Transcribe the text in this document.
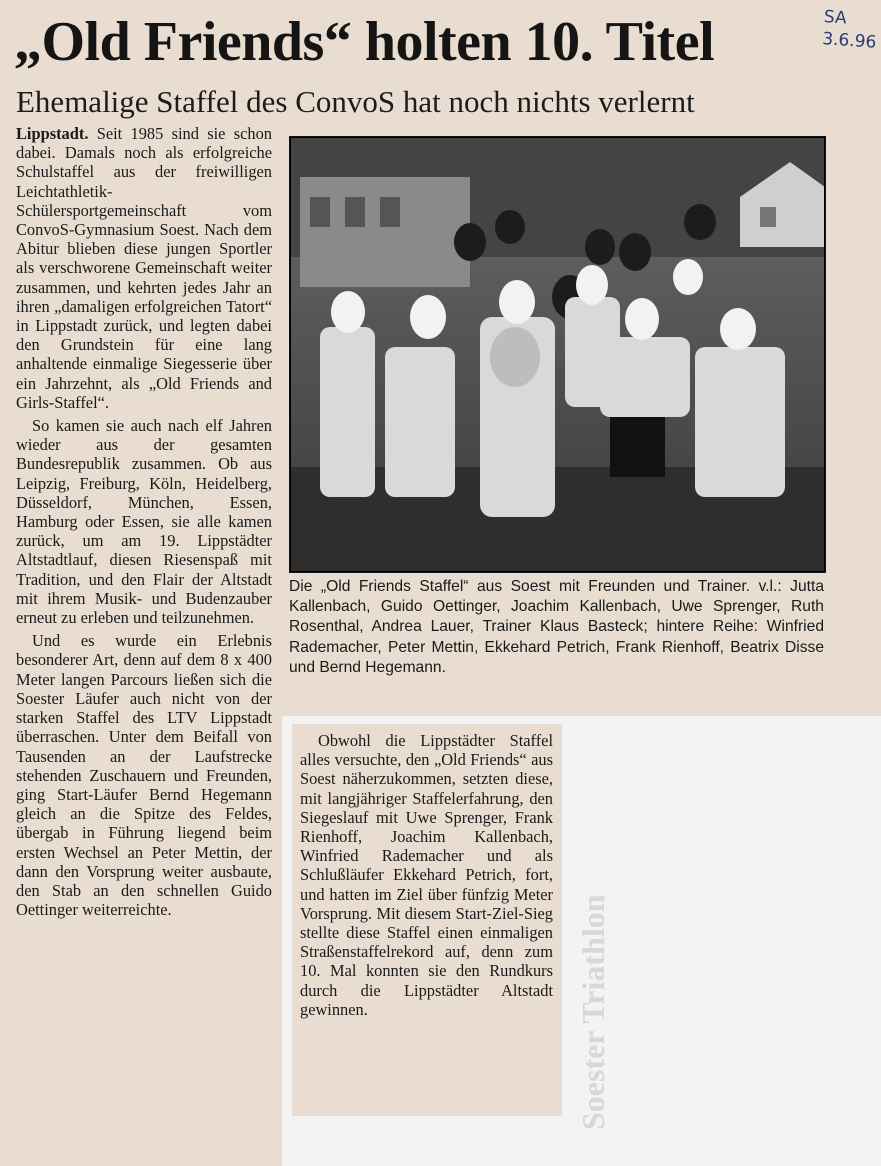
Soester Triathlon
SA
3.6.96
„Old Friends“ holten 10. Titel
Ehemalige Staffel des ConvoS hat noch nichts verlernt

Lippstadt. Seit 1985 sind sie schon dabei. Damals noch als erfolgreiche Schulstaffel aus der freiwilligen Leichtathletik-Schülersportgemeinschaft vom ConvoS-Gymnasium Soest. Nach dem Abitur blieben diese jungen Sportler als verschworene Gemeinschaft weiter zusammen, und kehrten jedes Jahr an ihren „damaligen erfolgreichen Tatort“ in Lippstadt zurück, und legten dabei den Grundstein für eine lang anhaltende einmalige Siegesserie über ein Jahrzehnt, als „Old Friends and Girls-Staffel“.

So kamen sie auch nach elf Jahren wieder aus der gesamten Bundesrepublik zusammen. Ob aus Leipzig, Freiburg, Köln, Heidelberg, Düsseldorf, München, Essen, Hamburg oder Essen, sie alle kamen zurück, um am 19. Lippstädter Altstadtlauf, diesen Riesenspaß mit Tradition, und den Flair der Altstadt mit ihrem Musik- und Budenzauber erneut zu erleben und teilzunehmen.

Und es wurde ein Erlebnis besonderer Art, denn auf dem 8 x 400 Meter langen Parcours ließen sich die Soester Läufer auch nicht von der starken Staffel des LTV Lippstadt überraschen. Unter dem Beifall von Tausenden an der Laufstrecke stehenden Zuschauern und Freunden, ging Start-Läufer Bernd Hegemann gleich an die Spitze des Feldes, übergab in Führung liegend beim ersten Wechsel an Peter Mettin, der dann den Vorsprung weiter ausbaute, den Stab an den schnellen Guido Oettinger weiterreichte.

Die „Old Friends Staffel“ aus Soest mit Freunden und Trainer. v.l.: Jutta Kallenbach, Guido Oettinger, Joachim Kallenbach, Uwe Sprenger, Ruth Rosenthal, Andrea Lauer, Trainer Klaus Basteck; hintere Reihe: Winfried Rademacher, Peter Mettin, Ekkehard Petrich, Frank Rienhoff, Beatrix Disse und Bernd Hegemann.

Obwohl die Lippstädter Staffel alles versuchte, den „Old Friends“ aus Soest näherzukommen, setzten diese, mit langjähriger Staffelerfahrung, den Siegeslauf mit Uwe Sprenger, Frank Rienhoff, Joachim Kallenbach, Winfried Rademacher und als Schlußläufer Ekkehard Petrich, fort, und hatten im Ziel über fünfzig Meter Vorsprung. Mit diesem Start-Ziel-Sieg stellte diese Staffel einen einmaligen Straßenstaffelrekord auf, denn zum 10. Mal konnten sie den Rundkurs durch die Lippstädter Altstadt gewinnen.
